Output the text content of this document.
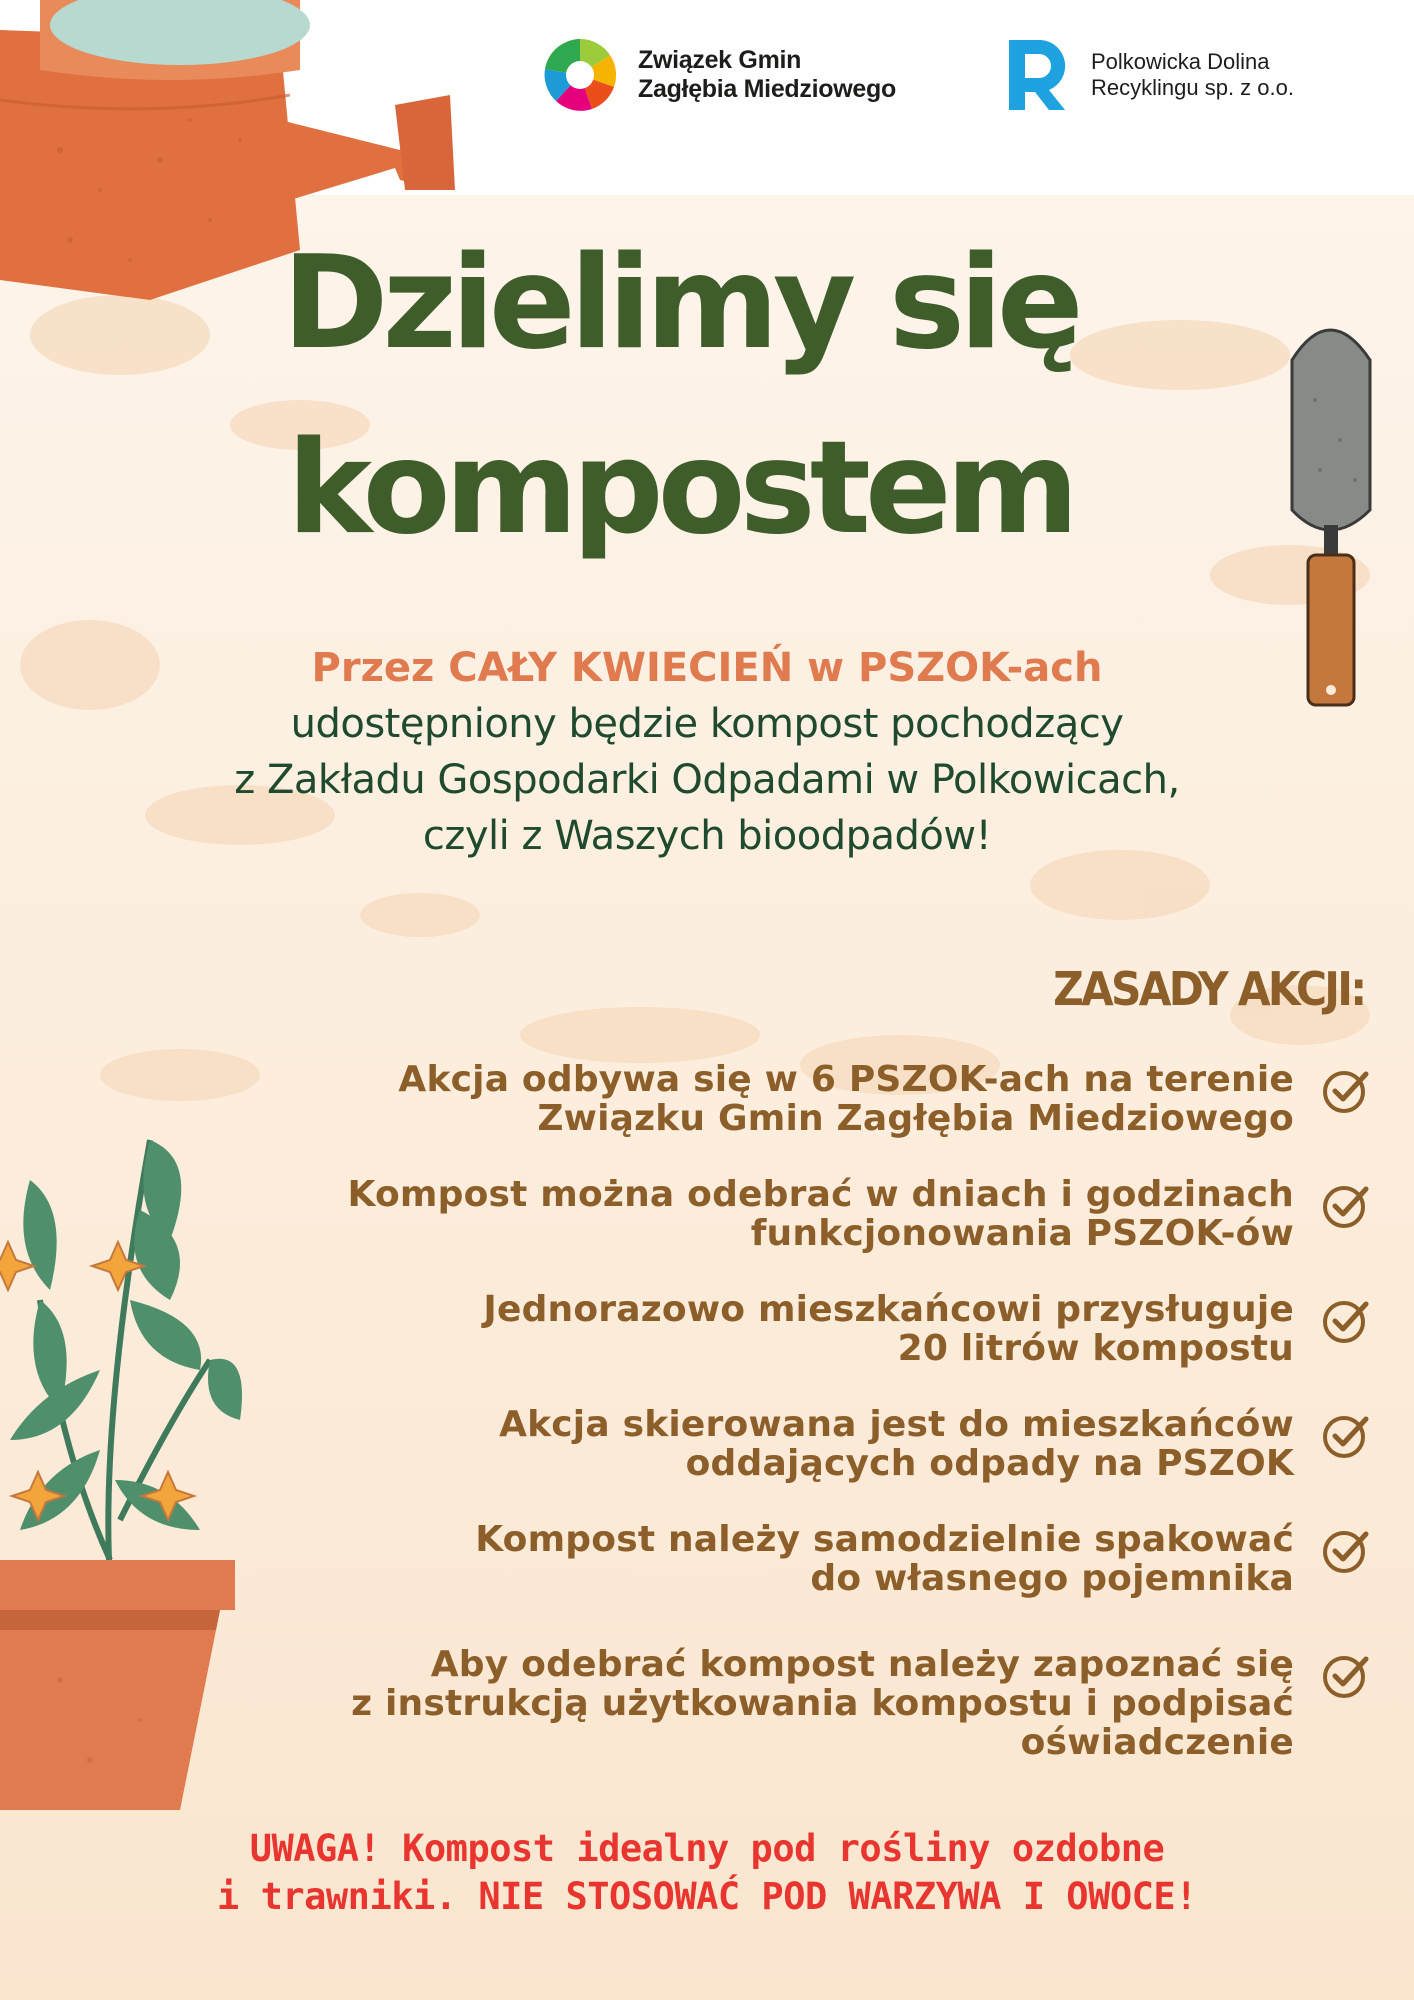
Związek Gmin
Zagłębia Miedziowego
Polkowicka Dolina
Recyklingu sp. z o.o.
Dzielimy się
kompostem
Przez CAŁY KWIECIEŃ w PSZOK-ach
udostępniony będzie kompost pochodzący
z Zakładu Gospodarki Odpadami w Polkowicach,
czyli z Waszych bioodpadów!
ZASADY AKCJI:
Akcja odbywa się w 6 PSZOK-ach na terenie
Związku Gmin Zagłębia Miedziowego
Kompost można odebrać w dniach i godzinach
funkcjonowania PSZOK-ów
Jednorazowo mieszkańcowi przysługuje
20 litrów kompostu
Akcja skierowana jest do mieszkańców
oddających odpady na PSZOK
Kompost należy samodzielnie spakować
do własnego pojemnika
Aby odebrać kompost należy zapoznać się
z instrukcją użytkowania kompostu i podpisać
oświadczenie
UWAGA! Kompost idealny pod rośliny ozdobne
i trawniki. NIE STOSOWAĆ POD WARZYWA I OWOCE!
